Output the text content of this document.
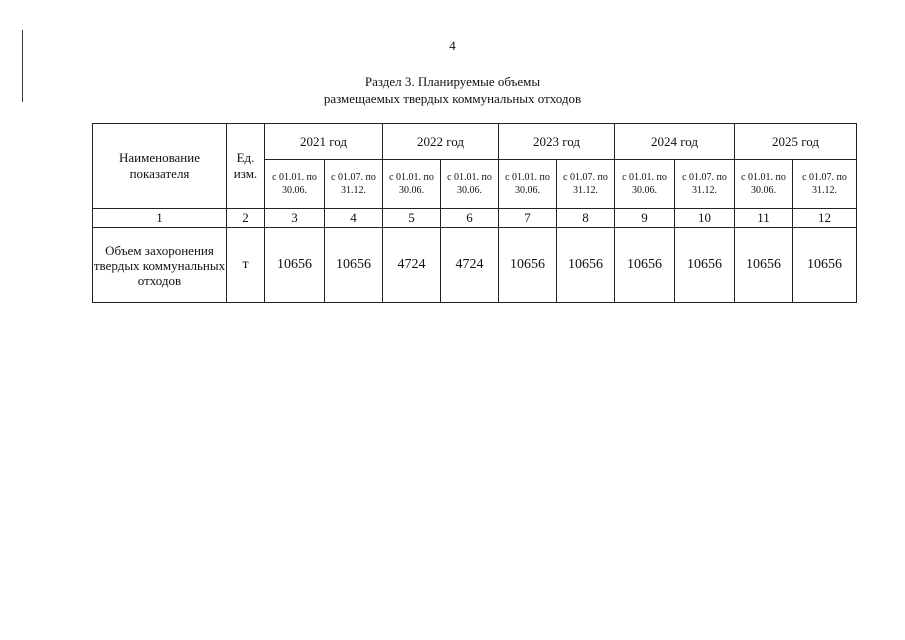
4
Раздел 3. Планируемые объемы
размещаемых твердых коммунальных отходов
Наименование показателя	Ед. изм.	2021 год		2022 год		2023 год		2024 год		2025 год	
		с 01.01. по 30.06.	с 01.07. по 31.12.	с 01.01. по 30.06.	с 01.01. по 30.06.	с 01.01. по 30.06.	с 01.07. по 31.12.	с 01.01. по 30.06.	с 01.07. по 31.12.	с 01.01. по 30.06.	с 01.07. по 31.12.
1	2	3	4	5	6	7	8	9	10	11	12
Объем захоронения твердых коммунальных отходов	т	10656	10656	4724	4724	10656	10656	10656	10656	10656	10656
